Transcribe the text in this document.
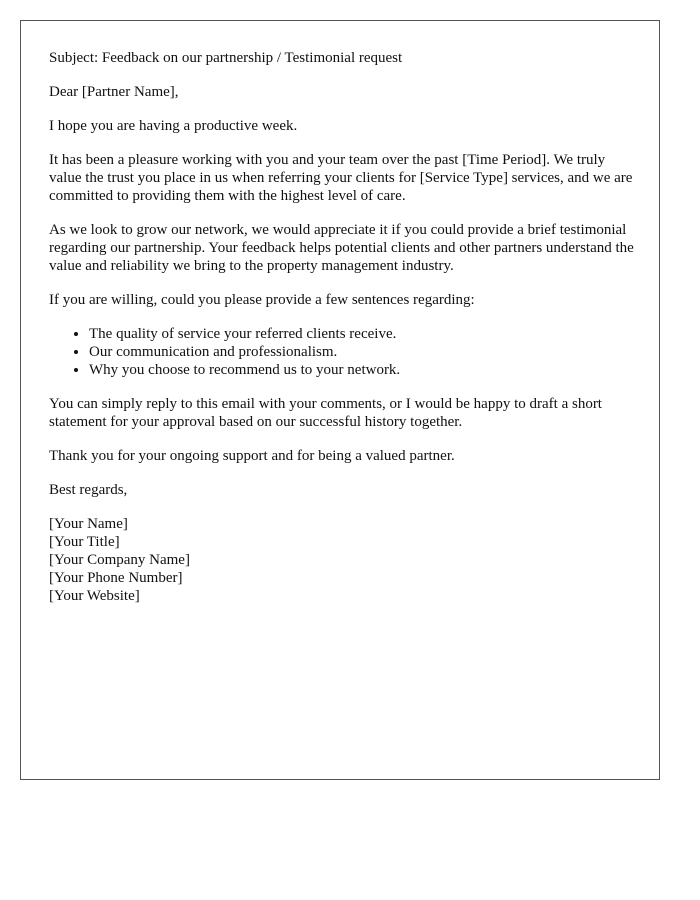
Subject: Feedback on our partnership / Testimonial request

Dear [Partner Name],

I hope you are having a productive week.

It has been a pleasure working with you and your team over the past [Time Period]. We truly value the trust you place in us when referring your clients for [Service Type] services, and we are committed to providing them with the highest level of care.

As we look to grow our network, we would appreciate it if you could provide a brief testimonial regarding our partnership. Your feedback helps potential clients and other partners understand the value and reliability we bring to the property management industry.

If you are willing, could you please provide a few sentences regarding:

• The quality of service your referred clients receive.
• Our communication and professionalism.
• Why you choose to recommend us to your network.

You can simply reply to this email with your comments, or I would be happy to draft a short statement for your approval based on our successful history together.

Thank you for your ongoing support and for being a valued partner.

Best regards,

[Your Name]
[Your Title]
[Your Company Name]
[Your Phone Number]
[Your Website]
